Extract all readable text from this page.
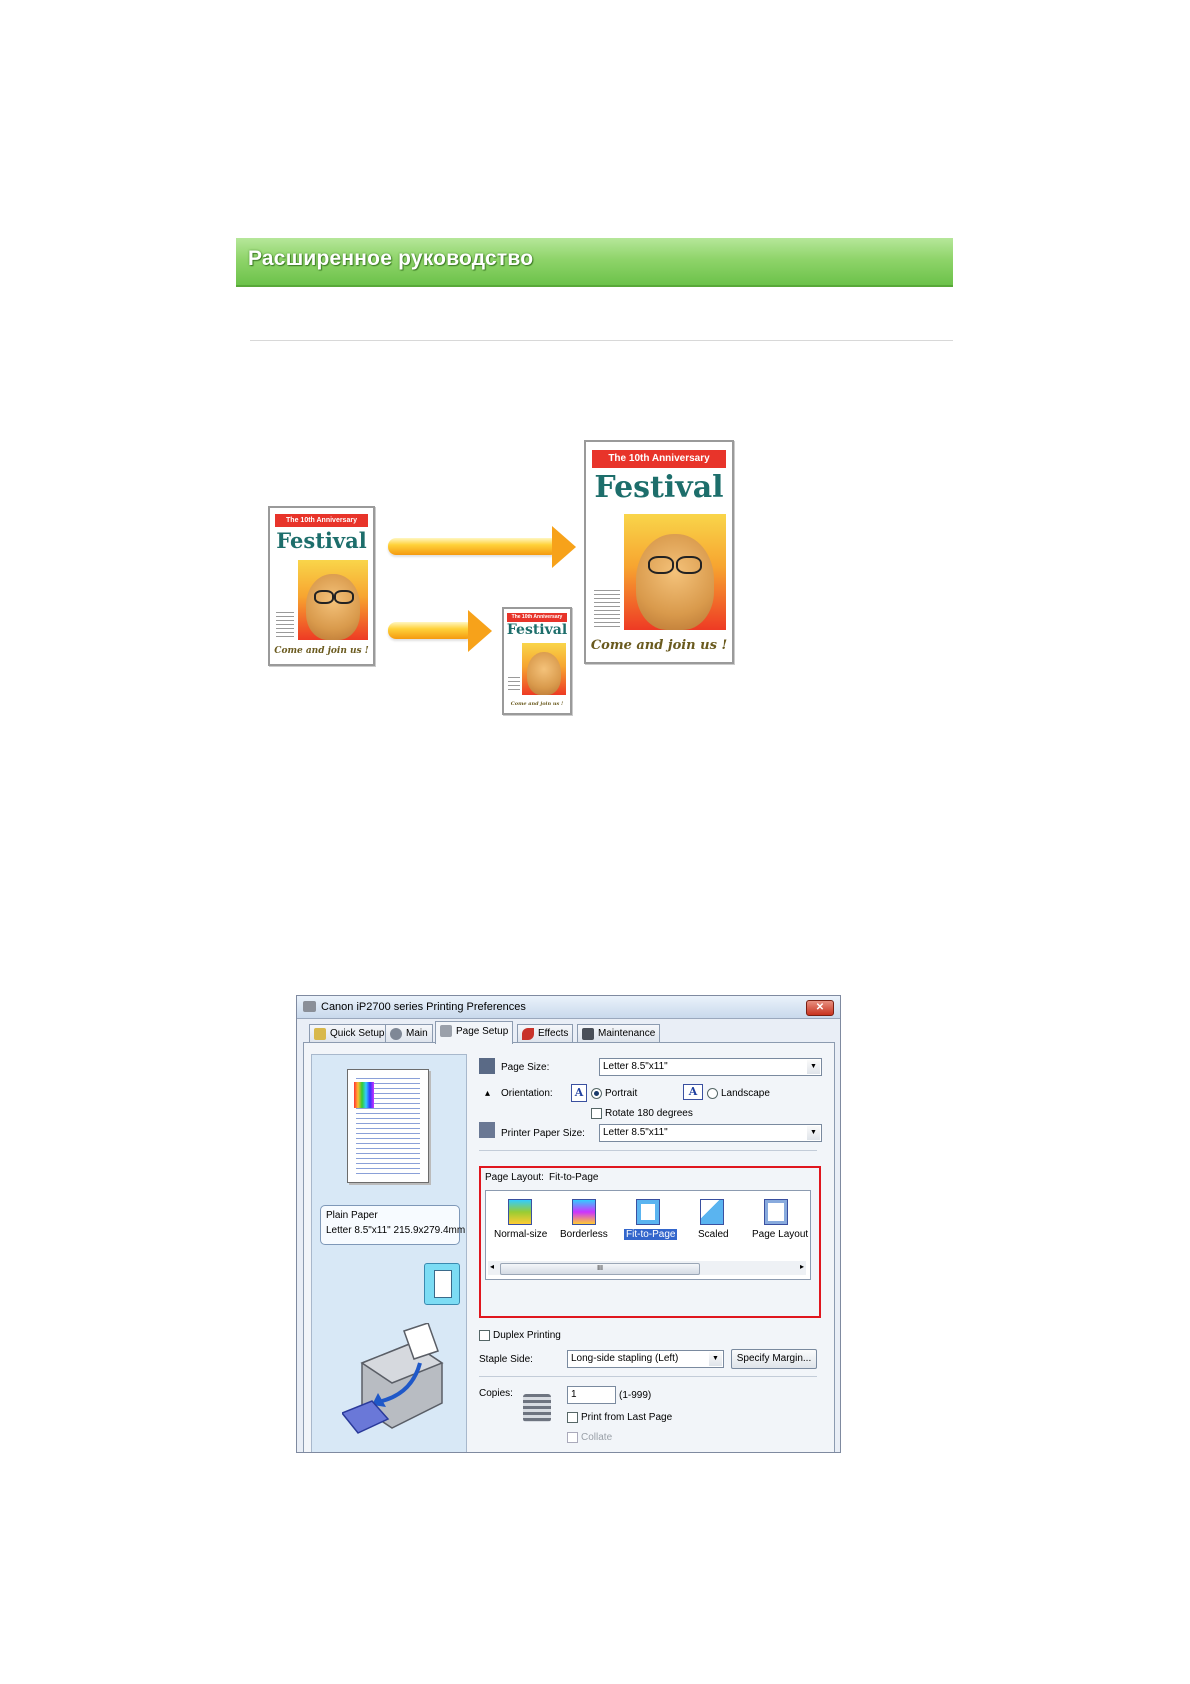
Расширенное руководство
The 10th Anniversary
Festival
Come and join us !
The 10th Anniversary
Festival
Come and join us !
The 10th Anniversary
Festival
Come and join us !
Canon iP2700 series Printing Preferences	✕
Quick Setup	Main	Page Setup	Effects	Maintenance
Plain Paper
Letter 8.5"x11" 215.9x279.4mm
Page Size:	Letter 8.5"x11"	▼
▴ Orientation:	A	Portrait	A	Landscape
Rotate 180 degrees
Printer Paper Size:	Letter 8.5"x11"	▼
Page Layout: Fit-to-Page
Normal-size Borderless Fit-to-Page Scaled Page Layout
◂	III	▸
Duplex Printing
Staple Side:	Long-side stapling (Left)	▼	Specify Margin...
Copies:	1	(1-999)
Print from Last Page
Collate
